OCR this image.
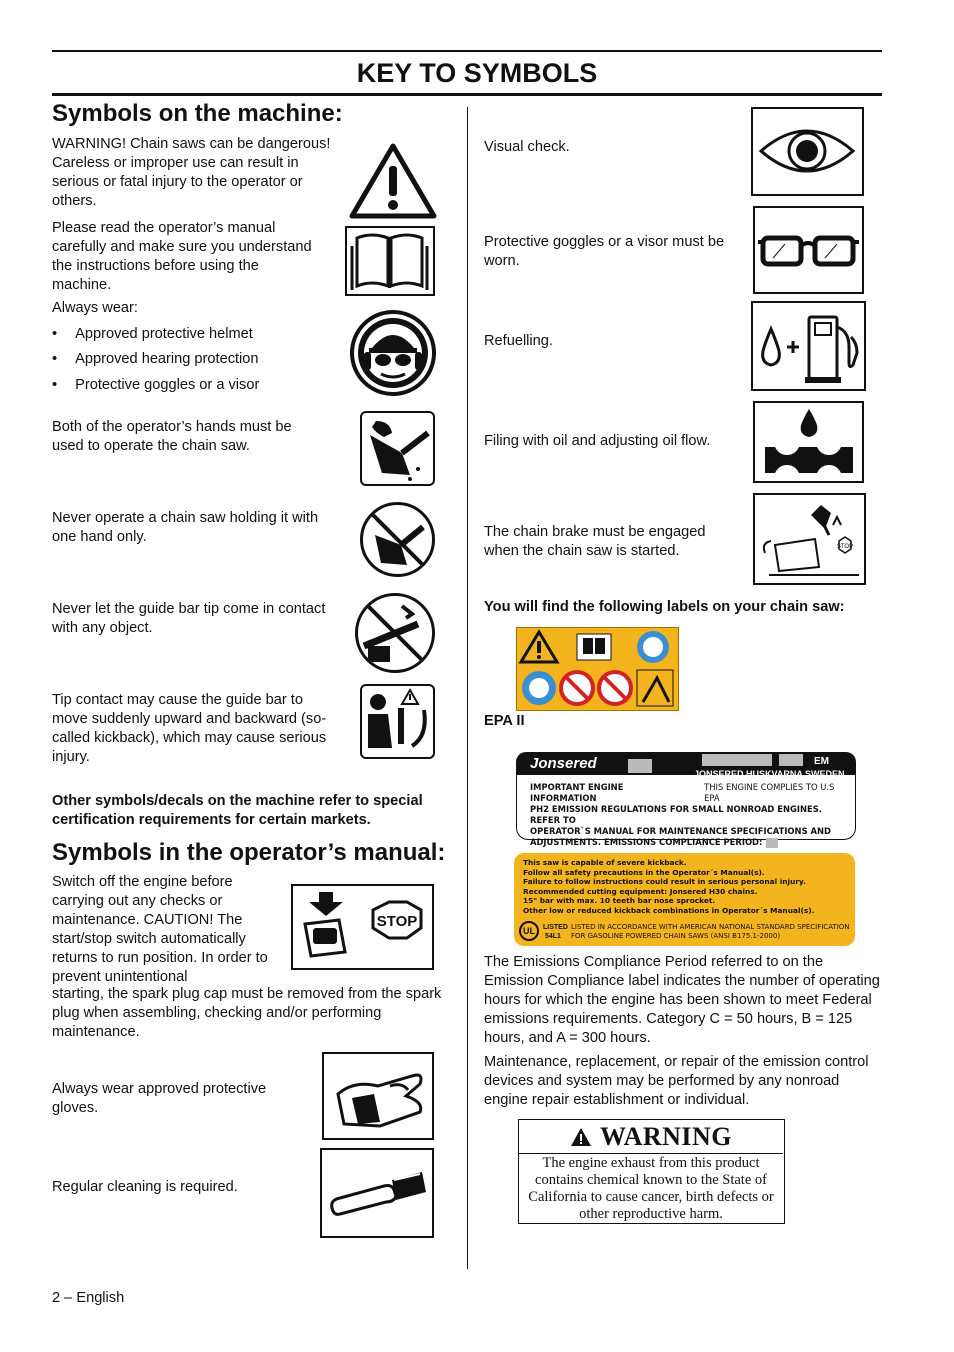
KEY TO SYMBOLS
Symbols on the machine:
WARNING! Chain saws can be dangerous! Careless or improper use can result in serious or fatal injury to the operator or others.
Please read the operator’s manual carefully and make sure you understand the instructions before using the machine.
Always wear:
• Approved protective helmet
• Approved hearing protection
• Protective goggles or a visor
Both of the operator’s hands must be used to operate the chain saw.
Never operate a chain saw holding it with one hand only.
Never let the guide bar tip come in contact with any object.
Tip contact may cause the guide bar to move suddenly upward and backward (so-called kickback), which may cause serious injury.
Other symbols/decals on the machine refer to special certification requirements for certain markets.
Symbols in the operator’s manual:
Switch off the engine before carrying out any checks or maintenance. CAUTION! The start/stop switch automatically returns to run position. In order to prevent unintentional
starting, the spark plug cap must be removed from the spark plug when assembling, checking and/or performing maintenance.
STOP
Always wear approved protective gloves.
Regular cleaning is required.
Visual check.
Protective goggles or a visor must be worn.
Refuelling.
Filing with oil and adjusting oil flow.
The chain brake must be engaged when the chain saw is started.	STOP
You will find the following labels on your chain saw:
EPA II
Jonsered	EM
JONSERED HUSKVARNA SWEDEN
IMPORTANT ENGINE INFORMATION
THIS ENGINE COMPLIES TO U.S EPA
PH2 EMISSION REGULATIONS FOR SMALL NONROAD ENGINES. REFER TO
OPERATOR`S MANUAL FOR MAINTENANCE SPECIFICATIONS AND
ADJUSTMENTS. EMISSIONS COMPLIANCE PERIOD:
This saw is capable of severe kickback.
Follow all safety precautions in the Operator´s Manual(s).
Failure to follow instructions could result in serious personal injury.
Recommended cutting equipment: Jonsered H30 chains.
15" bar with max. 10 teeth bar nose sprocket.
Other low or reduced kickback combinations in Operator´s Manual(s).
UL	LISTED
54L1
LISTED IN ACCORDANCE WITH AMERICAN NATIONAL STANDARD SPECIFICATION
FOR GASOLINE POWERED CHAIN SAWS (ANSI B175.1-2000)
The Emissions Compliance Period referred to on the Emission Compliance label indicates the number of operating hours for which the engine has been shown to meet Federal emissions requirements. Category C = 50 hours, B = 125 hours, and A = 300 hours.
Maintenance, replacement, or repair of the emission control devices and system may be performed by any nonroad engine repair establishment or individual.
WARNING
The engine exhaust from this product contains chemical known to the State of California to cause cancer, birth defects or other reproductive harm.
2 – English
